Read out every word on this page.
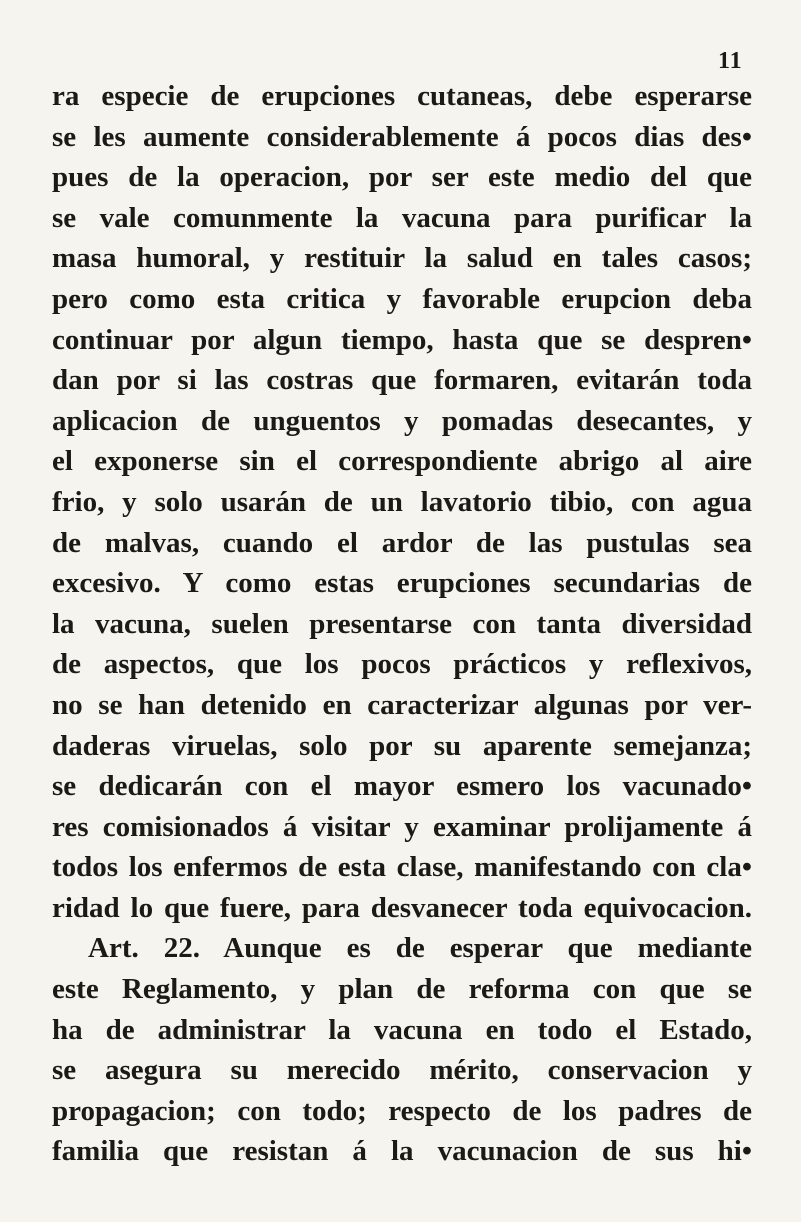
11
ra especie de erupciones cutaneas, debe esperarse
se les aumente considerablemente á pocos dias des•
pues de la operacion, por ser este medio del que
se vale comunmente la vacuna para purificar la
masa humoral, y restituir la salud en tales casos;
pero como esta critica y favorable erupcion deba
continuar por algun tiempo, hasta que se despren•
dan por si las costras que formaren, evitarán toda
aplicacion de unguentos y pomadas desecantes, y
el exponerse sin el correspondiente abrigo al aire
frio, y solo usarán de un lavatorio tibio, con agua
de malvas, cuando el ardor de las pustulas sea
excesivo. Y como estas erupciones secundarias de
la vacuna, suelen presentarse con tanta diversidad
de aspectos, que los pocos prácticos y reflexivos,
no se han detenido en caracterizar algunas por ver-
daderas viruelas, solo por su aparente semejanza;
se dedicarán con el mayor esmero los vacunado•
res comisionados á visitar y examinar prolijamente á
todos los enfermos de esta clase, manifestando con cla•
ridad lo que fuere, para desvanecer toda equivocacion.
Art. 22. Aunque es de esperar que mediante
este Reglamento, y plan de reforma con que se
ha de administrar la vacuna en todo el Estado,
se asegura su merecido mérito, conservacion y
propagacion; con todo; respecto de los padres de
familia que resistan á la vacunacion de sus hi•
